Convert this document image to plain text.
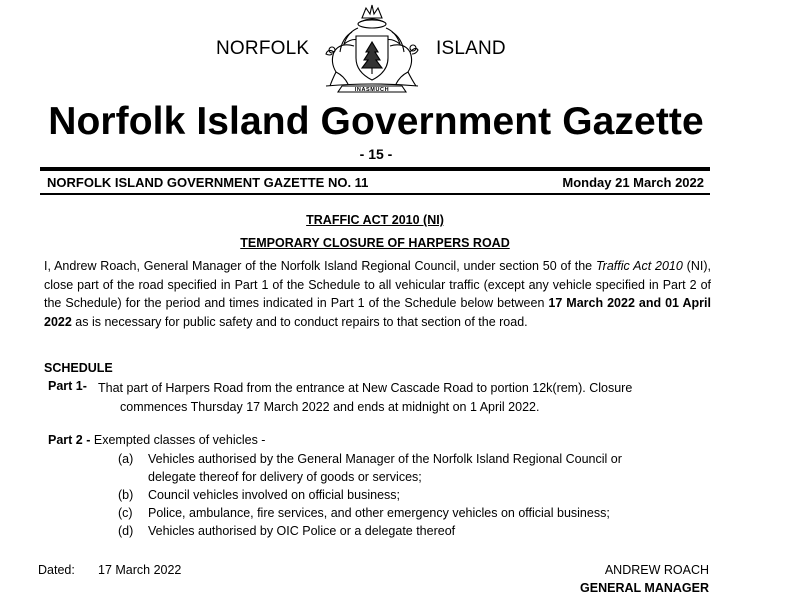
NORFOLK	ISLAND
INASMUCH
Norfolk Island Government Gazette
- 15 -
NORFOLK ISLAND GOVERNMENT GAZETTE NO. 11	Monday 21 March 2022
TRAFFIC ACT 2010 (NI)
TEMPORARY CLOSURE OF HARPERS ROAD
I, Andrew Roach, General Manager of the Norfolk Island Regional Council, under section 50 of the Traffic Act 2010 (NI), close part of the road specified in Part 1 of the Schedule to all vehicular traffic (except any vehicle specified in Part 2 of the Schedule) for the period and times indicated in Part 1 of the Schedule below between 17 March 2022 and 01 April 2022 as is necessary for public safety and to conduct repairs to that section of the road.
SCHEDULE
Part 1- That part of Harpers Road from the entrance at New Cascade Road to portion 12k(rem). Closure
commences Thursday 17 March 2022 and ends at midnight on 1 April 2022.
Part 2 - Exempted classes of vehicles -
(a) Vehicles authorised by the General Manager of the Norfolk Island Regional Council or
delegate thereof for delivery of goods or services;
(b) Council vehicles involved on official business;
(c) Police, ambulance, fire services, and other emergency vehicles on official business;
(d) Vehicles authorised by OIC Police or a delegate thereof
Dated: 17 March 2022	ANDREW ROACH
GENERAL MANAGER
